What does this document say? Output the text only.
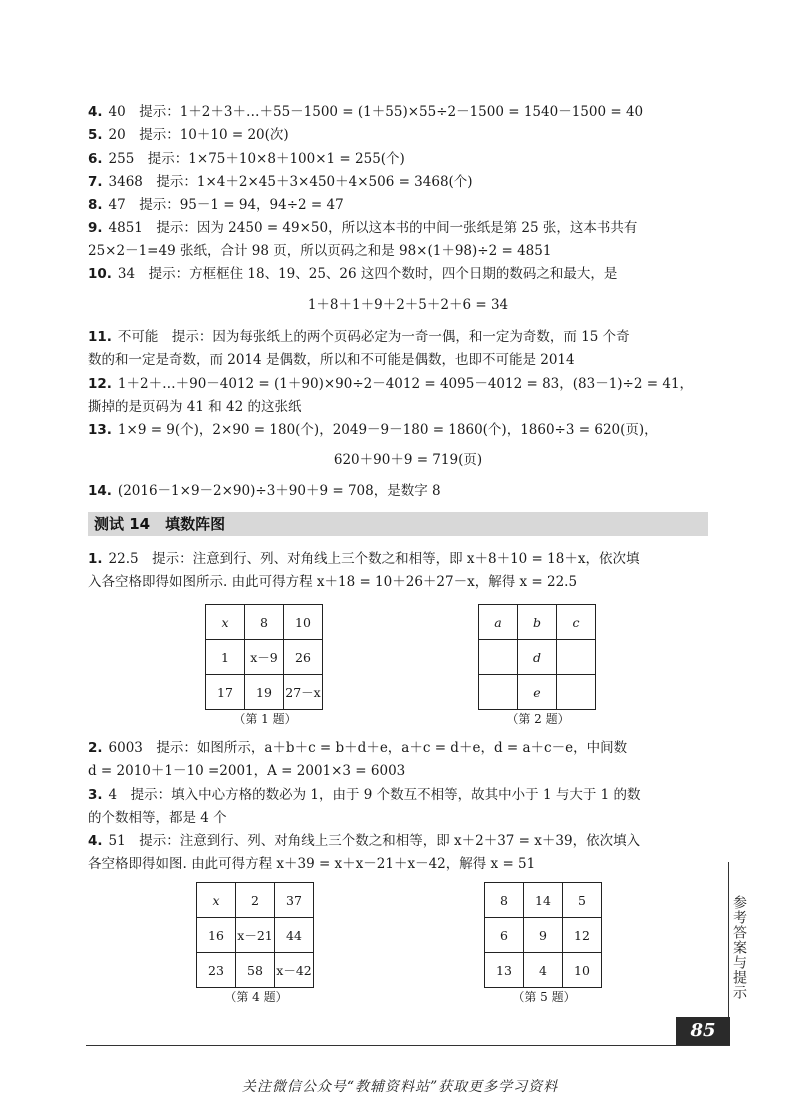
4. 40　提示：1＋2＋3＋…＋55－1500 = (1＋55)×55÷2－1500 = 1540－1500 = 40
5. 20　提示：10＋10 = 20(次)
6. 255　提示：1×75＋10×8＋100×1 = 255(个)
7. 3468　提示：1×4＋2×45＋3×450＋4×506 = 3468(个)
8. 47　提示：95－1 = 94，94÷2 = 47
9. 4851　提示：因为 2450 = 49×50，所以这本书的中间一张纸是第 25 张，这本书共有
25×2－1=49 张纸，合计 98 页，所以页码之和是 98×(1＋98)÷2 = 4851
10. 34　提示：方框框住 18、19、25、26 这四个数时，四个日期的数码之和最大，是
1＋8＋1＋9＋2＋5＋2＋6 = 34
11. 不可能　提示：因为每张纸上的两个页码必定为一奇一偶，和一定为奇数，而 15 个奇
数的和一定是奇数，而 2014 是偶数，所以和不可能是偶数，也即不可能是 2014
12. 1＋2＋…＋90－4012 = (1＋90)×90÷2－4012 = 4095－4012 = 83，(83－1)÷2 = 41，
撕掉的是页码为 41 和 42 的这张纸
13. 1×9 = 9(个)，2×90 = 180(个)，2049－9－180 = 1860(个)，1860÷3 = 620(页)，
620＋90＋9 = 719(页)
14. (2016－1×9－2×90)÷3＋90＋9 = 708，是数字 8
测试 14　填数阵图
1. 22.5　提示：注意到行、列、对角线上三个数之和相等，即 x＋8＋10 = 18＋x，依次填
入各空格即得如图所示. 由此可得方程 x＋18 = 10＋26＋27－x，解得 x = 22.5
x	8	10
1	x－9	26
17	19	27－x
（第 1 题）
a	b	c
	d	
	e	
（第 2 题）
2. 6003　提示：如图所示，a＋b＋c = b＋d＋e，a＋c = d＋e，d = a＋c－e，中间数
d = 2010＋1－10 =2001，A = 2001×3 = 6003
3. 4　提示：填入中心方格的数必为 1，由于 9 个数互不相等，故其中小于 1 与大于 1 的数
的个数相等，都是 4 个
4. 51　提示：注意到行、列、对角线上三个数之和相等，即 x＋2＋37 = x＋39，依次填入
各空格即得如图. 由此可得方程 x＋39 = x＋x－21＋x－42，解得 x = 51
x	2	37
16	x－21	44
23	58	x－42
（第 4 题）
8	14	5
6	9	12
13	4	10
（第 5 题）	参考答案与提示
85
关注微信公众号“教辅资料站”获取更多学习资料
